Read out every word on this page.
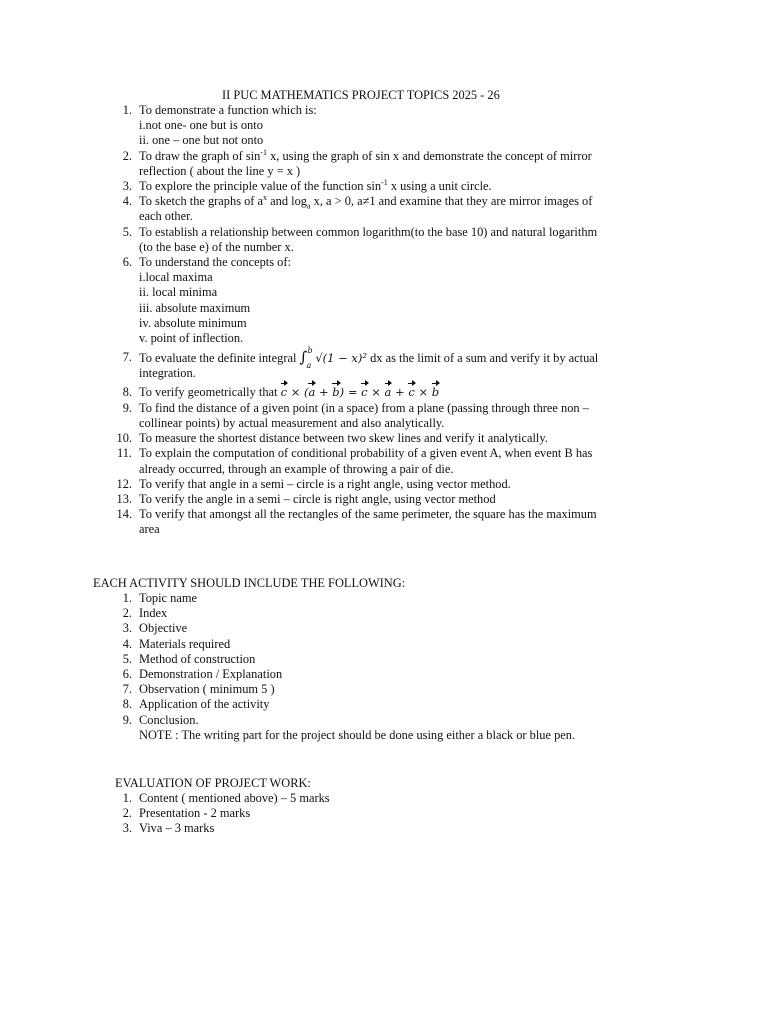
II PUC MATHEMATICS PROJECT TOPICS 2025 - 26
1. To demonstrate a function which is:
i.not one- one but is onto
ii. one – one but not onto
2. To draw the graph of $\sin^{-1} x$, using the graph of sin x and demonstrate the concept of mirror
reflection ( about the line y = x )
3. To explore the principle value of the function $\sin^{-1} x$ using a unit circle.
4. To sketch the graphs of $a^x$ and $\log_a x$, a > 0, a≠1 and examine that they are mirror images of
each other.
5. To establish a relationship between common logarithm(to the base 10) and natural logarithm
(to the base e) of the number x.
6. To understand the concepts of:
i.local maxima
ii. local minima
iii. absolute maximum
iv. absolute minimum
v. point of inflection.
7. To evaluate the definite integral ∫ b
a
√(1 − x)² dx as the limit of a sum and verify it by actual
integration.
8. To verify geometrically that c × (a + b) = c × a + c × b
9. To find the distance of a given point (in a space) from a plane (passing through three non –
collinear points) by actual measurement and also analytically.
10. To measure the shortest distance between two skew lines and verify it analytically.
11. To explain the computation of conditional probability of a given event A, when event B has
already occurred, through an example of throwing a pair of die.
12. To verify that angle in a semi – circle is a right angle, using vector method.
13. To verify the angle in a semi – circle is right angle, using vector method
14. To verify that amongst all the rectangles of the same perimeter, the square has the maximum
area
EACH ACTIVITY SHOULD INCLUDE THE FOLLOWING:
1. Topic name
2. Index
3. Objective
4. Materials required
5. Method of construction
6. Demonstration / Explanation
7. Observation ( minimum 5 )
8. Application of the activity
9. Conclusion.
NOTE : The writing part for the project should be done using either a black or blue pen.
EVALUATION OF PROJECT WORK:
1. Content ( mentioned above) – 5 marks
2. Presentation - 2 marks
3. Viva – 3 marks
